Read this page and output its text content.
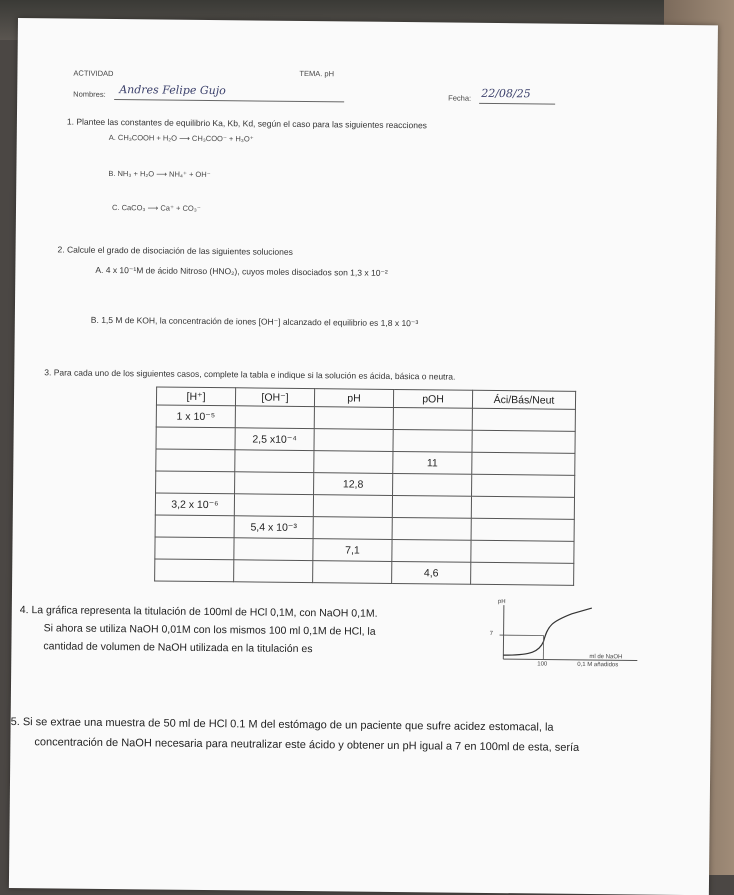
ACTIVIDAD	TEMA. pH
Nombres: Andres Felipe Gujo
Fecha: 22/08/25
1. Plantee las constantes de equilibrio Ka, Kb, Kd, según el caso para las siguientes reacciones
A. CH₃COOH + H₂O ⟶ CH₃COO⁻ + H₃O⁺
B. NH₃ + H₂O ⟶ NH₄⁺ + OH⁻
C. CaCO₃ ⟶ Ca⁺ + CO₃⁻
2. Calcule el grado de disociación de las siguientes soluciones
A. 4 x 10⁻¹M de ácido Nitroso (HNO₂), cuyos moles disociados son 1,3 x 10⁻²
B. 1,5 M de KOH, la concentración de iones [OH⁻] alcanzado el equilibrio es 1,8 x 10⁻³
3. Para cada uno de los siguientes casos, complete la tabla e indique si la solución es ácida, básica o neutra.
[H⁺]	[OH⁻]	pH	pOH	Áci/Bás/Neut
1 x 10⁻⁵				
	2,5 x10⁻⁴			
			11	
		12,8		
3,2 x 10⁻⁶				
	5,4 x 10⁻³			
		7,1		
			4,6	
4. La gráfica representa la titulación de 100ml de HCl 0,1M, con NaOH 0,1M.
Si ahora se utiliza NaOH 0,01M con los mismos 100 ml 0,1M de HCl, la
cantidad de volumen de NaOH utilizada en la titulación es
pH
7
100
ml de NaOH
0,1 M añadidos
5. Si se extrae una muestra de 50 ml de HCl 0.1 M del estómago de un paciente que sufre acidez estomacal, la
concentración de NaOH necesaria para neutralizar este ácido y obtener un pH igual a 7 en 100ml de esta, sería
